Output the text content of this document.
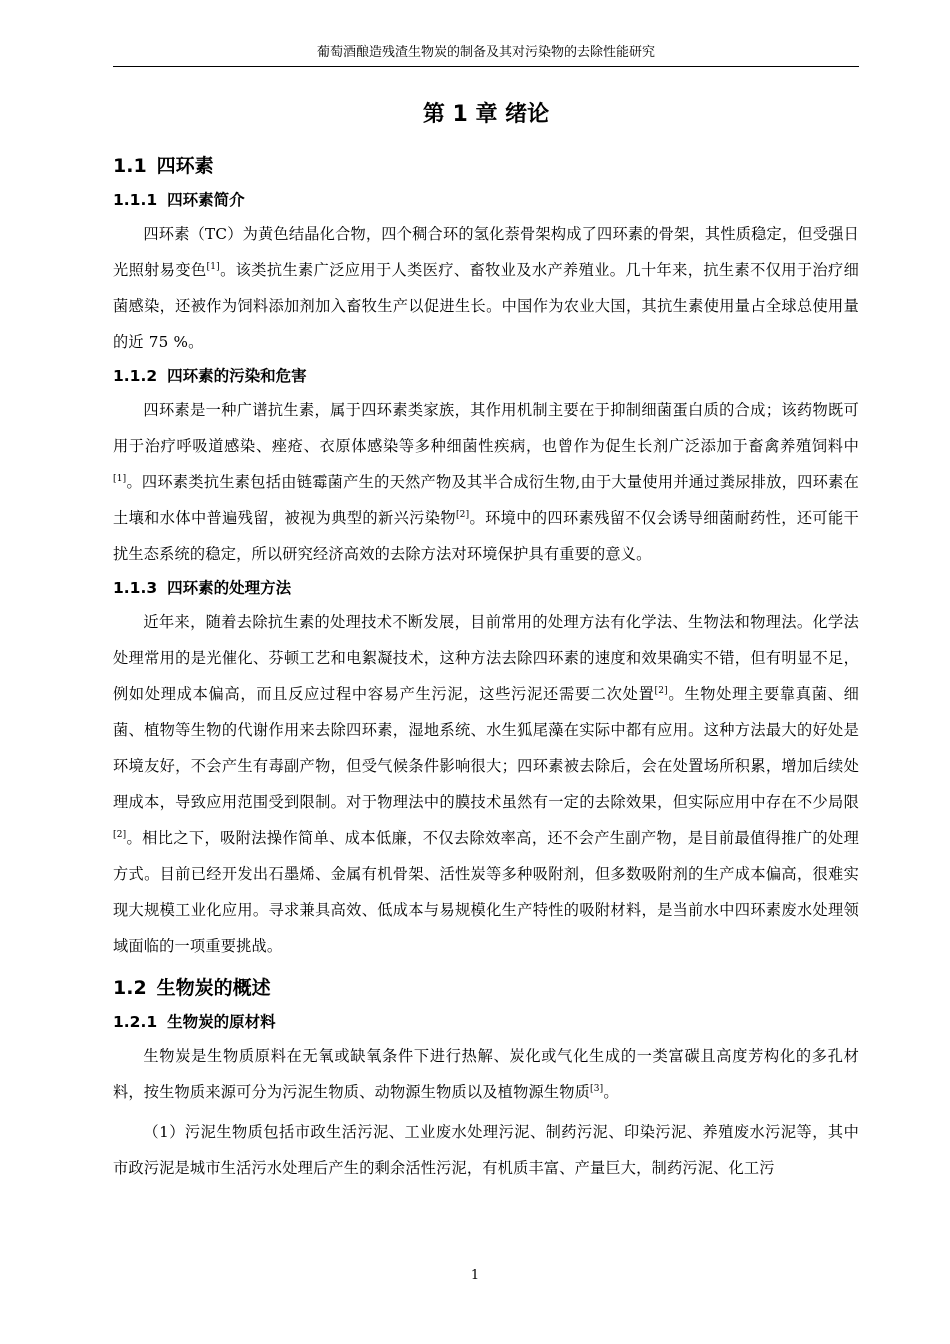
葡萄酒酿造残渣生物炭的制备及其对污染物的去除性能研究
第 1 章 绪论
1.1 四环素
1.1.1 四环素简介

四环素（TC）为黄色结晶化合物，四个稠合环的氢化萘骨架构成了四环素的骨架，其性质稳定，但受强日光照射易变色[1]。该类抗生素广泛应用于人类医疗、畜牧业及水产养殖业。几十年来，抗生素不仅用于治疗细菌感染，还被作为饲料添加剂加入畜牧生产以促进生长。中国作为农业大国，其抗生素使用量占全球总使用量的近 75 %。

1.1.2 四环素的污染和危害

四环素是一种广谱抗生素，属于四环素类家族，其作用机制主要在于抑制细菌蛋白质的合成；该药物既可用于治疗呼吸道感染、痤疮、衣原体感染等多种细菌性疾病，也曾作为促生长剂广泛添加于畜禽养殖饲料中[1]。四环素类抗生素包括由链霉菌产生的天然产物及其半合成衍生物,由于大量使用并通过粪尿排放，四环素在土壤和水体中普遍残留，被视为典型的新兴污染物[2]。环境中的四环素残留不仅会诱导细菌耐药性，还可能干扰生态系统的稳定，所以研究经济高效的去除方法对环境保护具有重要的意义。

1.1.3 四环素的处理方法

近年来，随着去除抗生素的处理技术不断发展，目前常用的处理方法有化学法、生物法和物理法。化学法处理常用的是光催化、芬顿工艺和电絮凝技术，这种方法去除四环素的速度和效果确实不错，但有明显不足，例如处理成本偏高，而且反应过程中容易产生污泥，这些污泥还需要二次处置[2]。生物处理主要靠真菌、细菌、植物等生物的代谢作用来去除四环素，湿地系统、水生狐尾藻在实际中都有应用。这种方法最大的好处是环境友好，不会产生有毒副产物，但受气候条件影响很大；四环素被去除后，会在处置场所积累，增加后续处理成本，导致应用范围受到限制。对于物理法中的膜技术虽然有一定的去除效果，但实际应用中存在不少局限[2]。相比之下，吸附法操作简单、成本低廉，不仅去除效率高，还不会产生副产物，是目前最值得推广的处理方式。目前已经开发出石墨烯、金属有机骨架、活性炭等多种吸附剂，但多数吸附剂的生产成本偏高，很难实现大规模工业化应用。寻求兼具高效、低成本与易规模化生产特性的吸附材料，是当前水中四环素废水处理领域面临的一项重要挑战。

1.2 生物炭的概述
1.2.1 生物炭的原材料

生物炭是生物质原料在无氧或缺氧条件下进行热解、炭化或气化生成的一类富碳且高度芳构化的多孔材料，按生物质来源可分为污泥生物质、动物源生物质以及植物源生物质[3]。

（1）污泥生物质包括市政生活污泥、工业废水处理污泥、制药污泥、印染污泥、养殖废水污泥等，其中市政污泥是城市生活污水处理后产生的剩余活性污泥，有机质丰富、产量巨大，制药污泥、化工污

1
